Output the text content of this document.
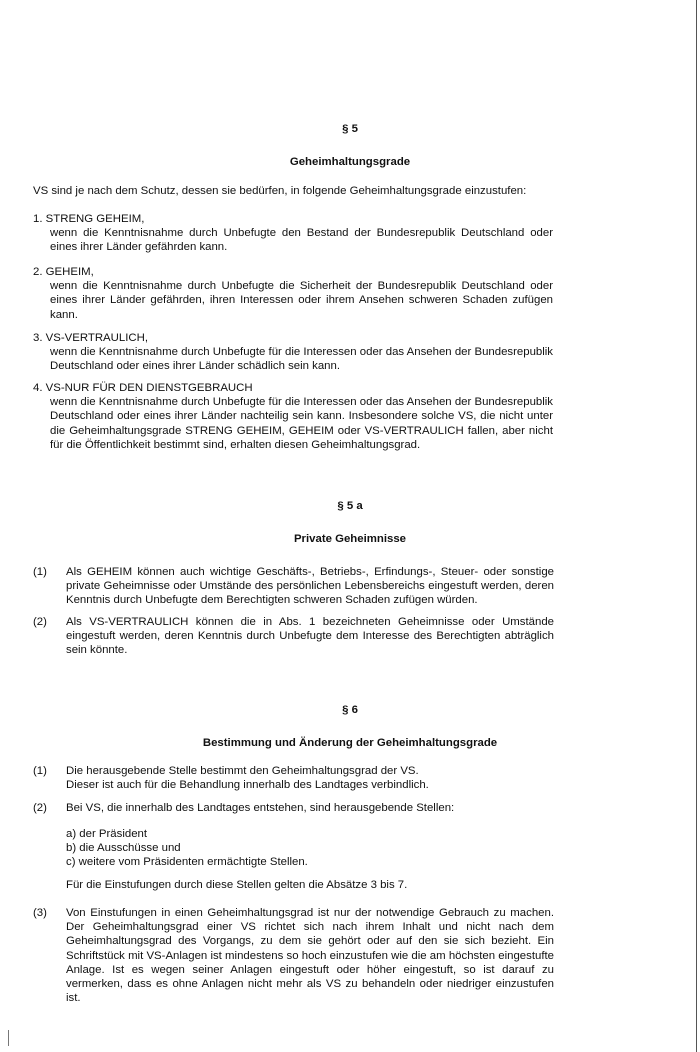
§ 5
Geheimhaltungsgrade
VS sind je nach dem Schutz, dessen sie bedürfen, in folgende Geheimhaltungsgrade einzustufen:
1. STRENG GEHEIM,
wenn die Kenntnisnahme durch Unbefugte den Bestand der Bundesrepublik Deutschland oder eines ihrer Länder gefährden kann.
2. GEHEIM,
wenn die Kenntnisnahme durch Unbefugte die Sicherheit der Bundesrepublik Deutschland oder eines ihrer Länder gefährden, ihren Interessen oder ihrem Ansehen schweren Schaden zufügen kann.
3. VS-VERTRAULICH,
wenn die Kenntnisnahme durch Unbefugte für die Interessen oder das Ansehen der Bundesrepublik Deutschland oder eines ihrer Länder schädlich sein kann.
4. VS-NUR FÜR DEN DIENSTGEBRAUCH
wenn die Kenntnisnahme durch Unbefugte für die Interessen oder das Ansehen der Bundesrepublik Deutschland oder eines ihrer Länder nachteilig sein kann. Insbesondere solche VS, die nicht unter die Geheimhaltungsgrade STRENG GEHEIM, GEHEIM oder VS-VERTRAULICH fallen, aber nicht für die Öffentlichkeit bestimmt sind, erhalten diesen Geheimhaltungsgrad.
§ 5 a
Private Geheimnisse
(1) Als GEHEIM können auch wichtige Geschäfts-, Betriebs-, Erfindungs-, Steuer- oder sonstige private Geheimnisse oder Umstände des persönlichen Lebensbereichs eingestuft werden, deren Kenntnis durch Unbefugte dem Berechtigten schweren Schaden zufügen würden.
(2) Als VS-VERTRAULICH können die in Abs. 1 bezeichneten Geheimnisse oder Umstände eingestuft werden, deren Kenntnis durch Unbefugte dem Interesse des Berechtigten abträglich sein könnte.
§ 6
Bestimmung und Änderung der Geheimhaltungsgrade
(1) Die herausgebende Stelle bestimmt den Geheimhaltungsgrad der VS.
Dieser ist auch für die Behandlung innerhalb des Landtages verbindlich.
(2) Bei VS, die innerhalb des Landtages entstehen, sind herausgebende Stellen:
a) der Präsident
b) die Ausschüsse und
c) weitere vom Präsidenten ermächtigte Stellen.
Für die Einstufungen durch diese Stellen gelten die Absätze 3 bis 7.
(3) Von Einstufungen in einen Geheimhaltungsgrad ist nur der notwendige Gebrauch zu machen. Der Geheimhaltungsgrad einer VS richtet sich nach ihrem Inhalt und nicht nach dem Geheimhaltungsgrad des Vorgangs, zu dem sie gehört oder auf den sie sich bezieht. Ein Schriftstück mit VS-Anlagen ist mindestens so hoch einzustufen wie die am höchsten eingestufte Anlage. Ist es wegen seiner Anlagen eingestuft oder höher eingestuft, so ist darauf zu vermerken, dass es ohne Anlagen nicht mehr als VS zu behandeln oder niedriger einzustufen ist.
